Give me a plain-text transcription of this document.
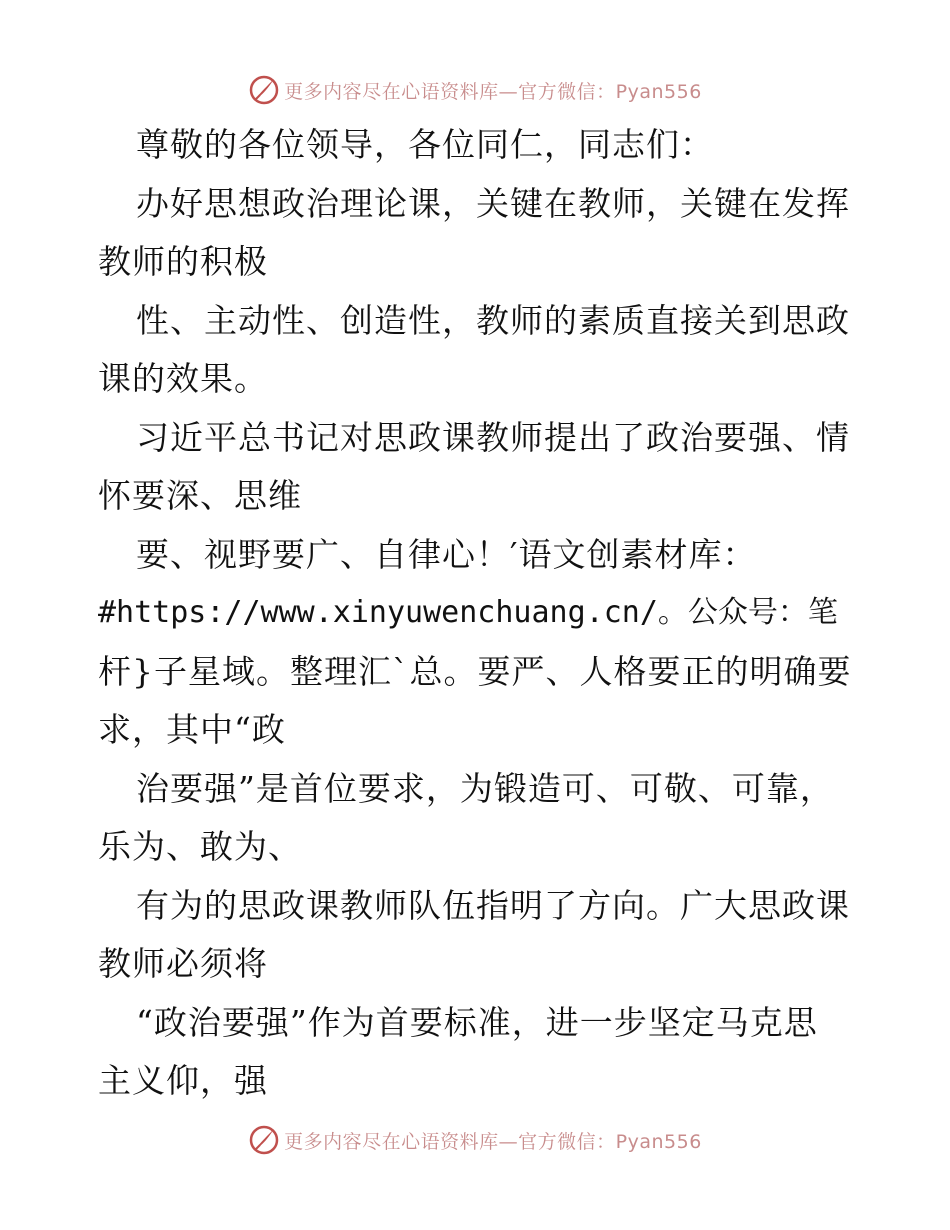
更多内容尽在心语资料库—官方微信：Pyan556
尊敬的各位领导，各位同仁，同志们：
办好思想政治理论课，关键在教师，关键在发挥
教师的积极
性、主动性、创造性，教师的素质直接关到思政
课的效果。
习近平总书记对思政课教师提出了政治要强、情
怀要深、思维
要、视野要广、自律心！′语文创素材库：
#https://www.xinyuwenchuang.cn/。公众号：笔
杆}子星域。整理汇`总。要严、人格要正的明确要
求，其中“政
治要强”是首位要求，为锻造可、可敬、可靠，
乐为、敢为、
有为的思政课教师队伍指明了方向。广大思政课
教师必须将
“政治要强”作为首要标准，进一步坚定马克思
主义仰，强
更多内容尽在心语资料库—官方微信：Pyan556
